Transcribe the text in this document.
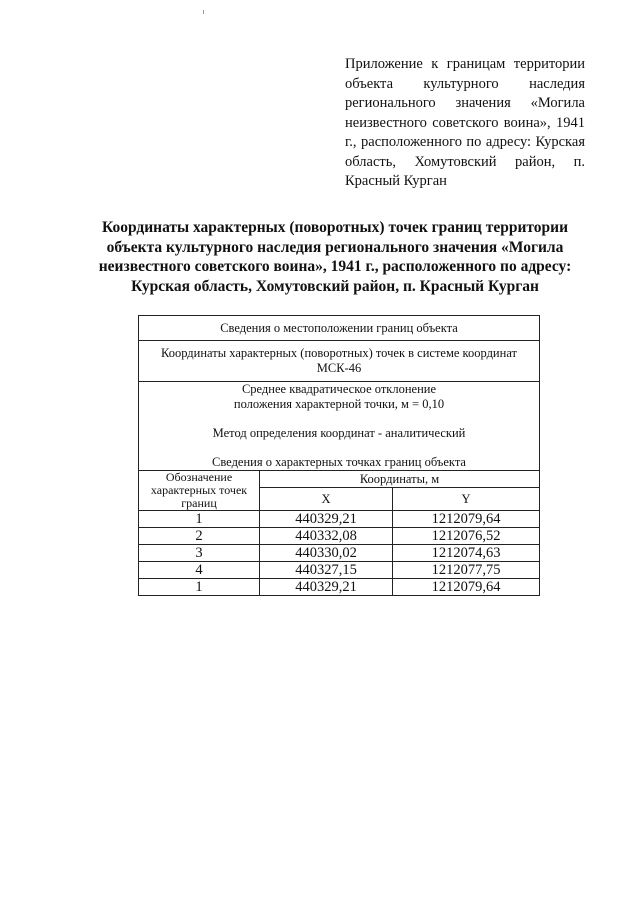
Приложение к границам территории объекта культурного наследия регионального значения «Могила неизвестного советского воина», 1941 г., расположенного по адресу: Курская область, Хомутовский район, п. Красный Курган
Координаты характерных (поворотных) точек границ территории объекта культурного наследия регионального значения «Могила неизвестного советского воина», 1941 г., расположенного по адресу: Курская область, Хомутовский район, п. Красный Курган
Сведения о местоположении границ объекта		
Координаты характерных (поворотных) точек в системе координат МСК-46		

Среднее квадратическое отклонение

положения характерной точки, м = 0,10

Метод определения координат - аналитический

Сведения о характерных точках границ объекта		

Обозначение характерных точек границ	Координаты, м	
	X	Y
1	440329,21	1212079,64
2	440332,08	1212076,52
3	440330,02	1212074,63
4	440327,15	1212077,75
1	440329,21	1212079,64
